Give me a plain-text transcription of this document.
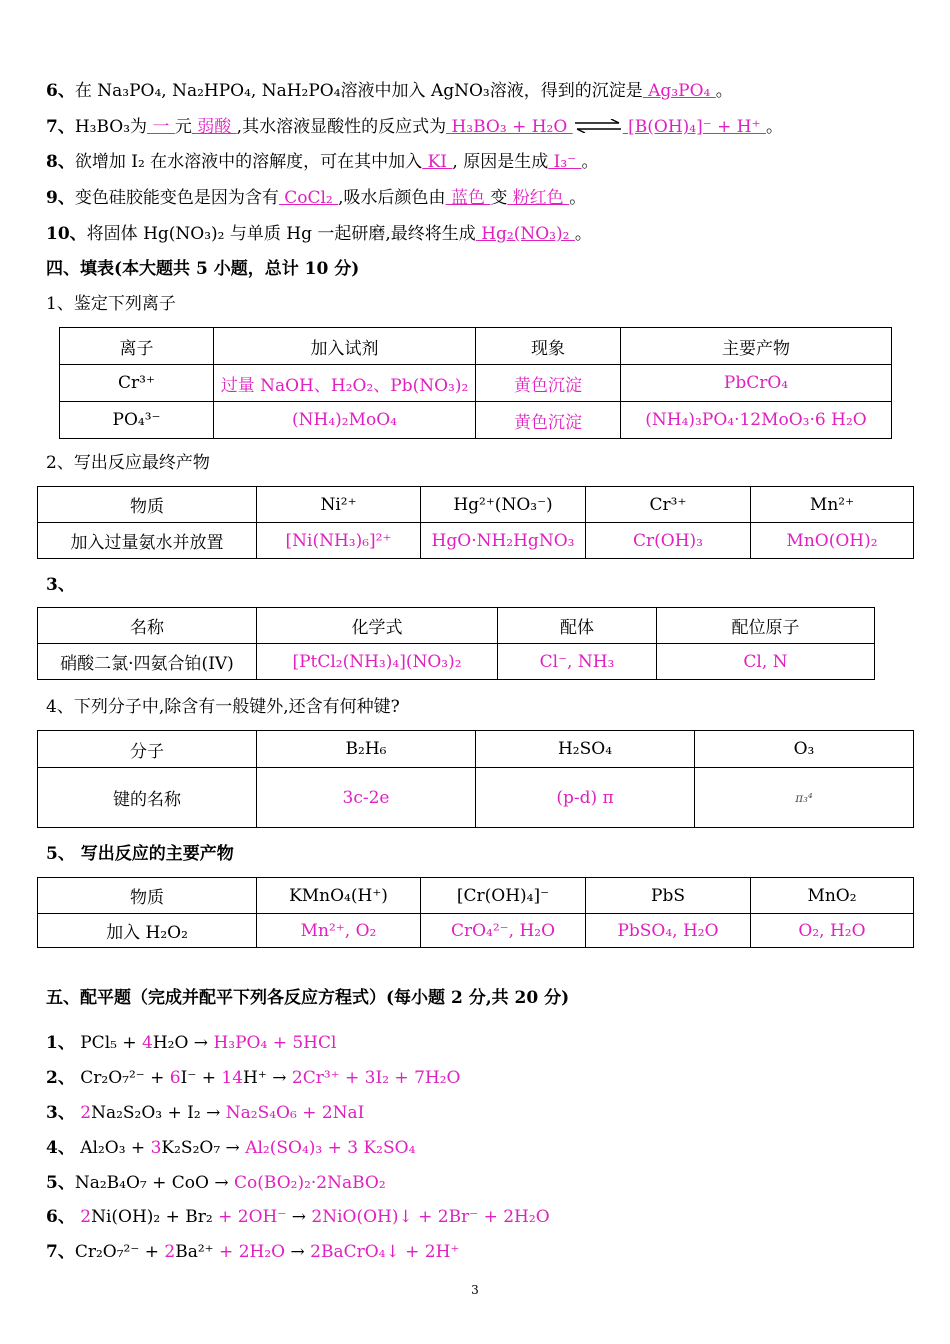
6、在 Na₃PO₄, Na₂HPO₄, NaH₂PO₄溶液中加入 AgNO₃溶液，得到的沉淀是 Ag₃PO₄ 。
7、H₃BO₃为 一 元 弱酸 ,其水溶液显酸性的反应式为 H₃BO₃ + H₂O ⇌ [B(OH)₄]⁻ + H⁺ 。
8、欲增加 I₂ 在水溶液中的溶解度，可在其中加入 KI , 原因是生成 I₃⁻ 。
9、变色硅胶能变色是因为含有 CoCl₂ ,吸水后颜色由 蓝色 变 粉红色 。
10、将固体 Hg(NO₃)₂ 与单质 Hg 一起研磨,最终将生成 Hg₂(NO₃)₂ 。
四、填表(本大题共 5 小题，总计 10 分)
1、鉴定下列离子
离子	加入试剂	现象	主要产物
Cr³⁺	过量 NaOH、H₂O₂、Pb(NO₃)₂	黄色沉淀	PbCrO₄
PO₄³⁻	(NH₄)₂MoO₄	黄色沉淀	(NH₄)₃PO₄·12MoO₃·6 H₂O
2、写出反应最终产物
物质	Ni²⁺	Hg²⁺(NO₃⁻)	Cr³⁺	Mn²⁺
加入过量氨水并放置	[Ni(NH₃)₆]²⁺	HgO·NH₂HgNO₃	Cr(OH)₃	MnO(OH)₂
3、
名称	化学式	配体	配位原子
硝酸二氯·四氨合铂(IV)	[PtCl₂(NH₃)₄](NO₃)₂	Cl⁻, NH₃	Cl, N
4、下列分子中,除含有一般键外,还含有何种键?
分子	B₂H₆	H₂SO₄	O₃
键的名称	3c-2e	(p-d) π	π₃⁴
5、 写出反应的主要产物
物质	KMnO₄(H⁺)	[Cr(OH)₄]⁻	PbS	MnO₂
加入 H₂O₂	Mn²⁺, O₂	CrO₄²⁻, H₂O	PbSO₄, H₂O	O₂, H₂O
五、配平题（完成并配平下列各反应方程式）(每小题 2 分,共 20 分)
1、 PCl₅ + 4H₂O → H₃PO₄ + 5HCl
2、 Cr₂O₇²⁻ + 6I⁻ + 14H⁺ → 2Cr³⁺ + 3I₂ + 7H₂O
3、 2Na₂S₂O₃ + I₂ → Na₂S₄O₆ + 2NaI
4、 Al₂O₃ + 3K₂S₂O₇ → Al₂(SO₄)₃ + 3 K₂SO₄
5、Na₂B₄O₇ + CoO → Co(BO₂)₂·2NaBO₂
6、 2Ni(OH)₂ + Br₂ + 2OH⁻ → 2NiO(OH)↓ + 2Br⁻ + 2H₂O
7、Cr₂O₇²⁻ + 2Ba²⁺ + 2H₂O → 2BaCrO₄↓ + 2H⁺
3
